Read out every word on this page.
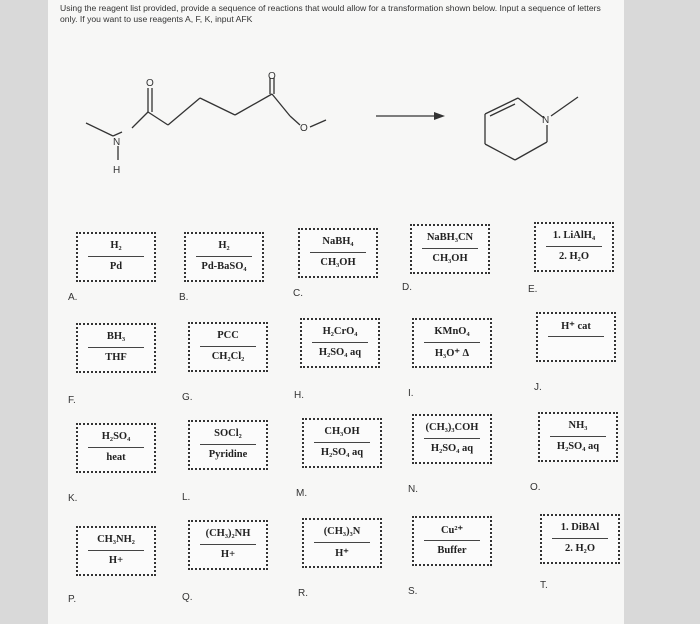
Using the reagent list provided, provide a sequence of reactions that would allow for a transformation shown below. Input a sequence of letters only. If you want to use reagents A, F, K, input AFK

N
H
O
O
O
N
H₂
Pd
A.
H₂
Pd-BaSO₄
B.
NaBH₄
CH₃OH
C.
NaBH₃CN
CH₃OH
D.
1. LiAlH₄
2. H₂O
E.
BH₃
THF
F.
PCC
CH₂Cl₂
G.
H₂CrO₄
H₂SO₄ aq
H.
KMnO₄
H₃O⁺ Δ
I.
H⁺ cat
J.
H₂SO₄
heat
K.
SOCl₂
Pyridine
L.
CH₃OH
H₂SO₄ aq
M.
(CH₃)₃COH
H₂SO₄ aq
N.
NH₃
H₂SO₄ aq
O.
CH₃NH₂
H+
P.
(CH₃)₂NH
H+
Q.
(CH₃)₃N
H⁺
R.
Cu²⁺
Buffer
S.
1. DiBAl
2. H₂O
T.
